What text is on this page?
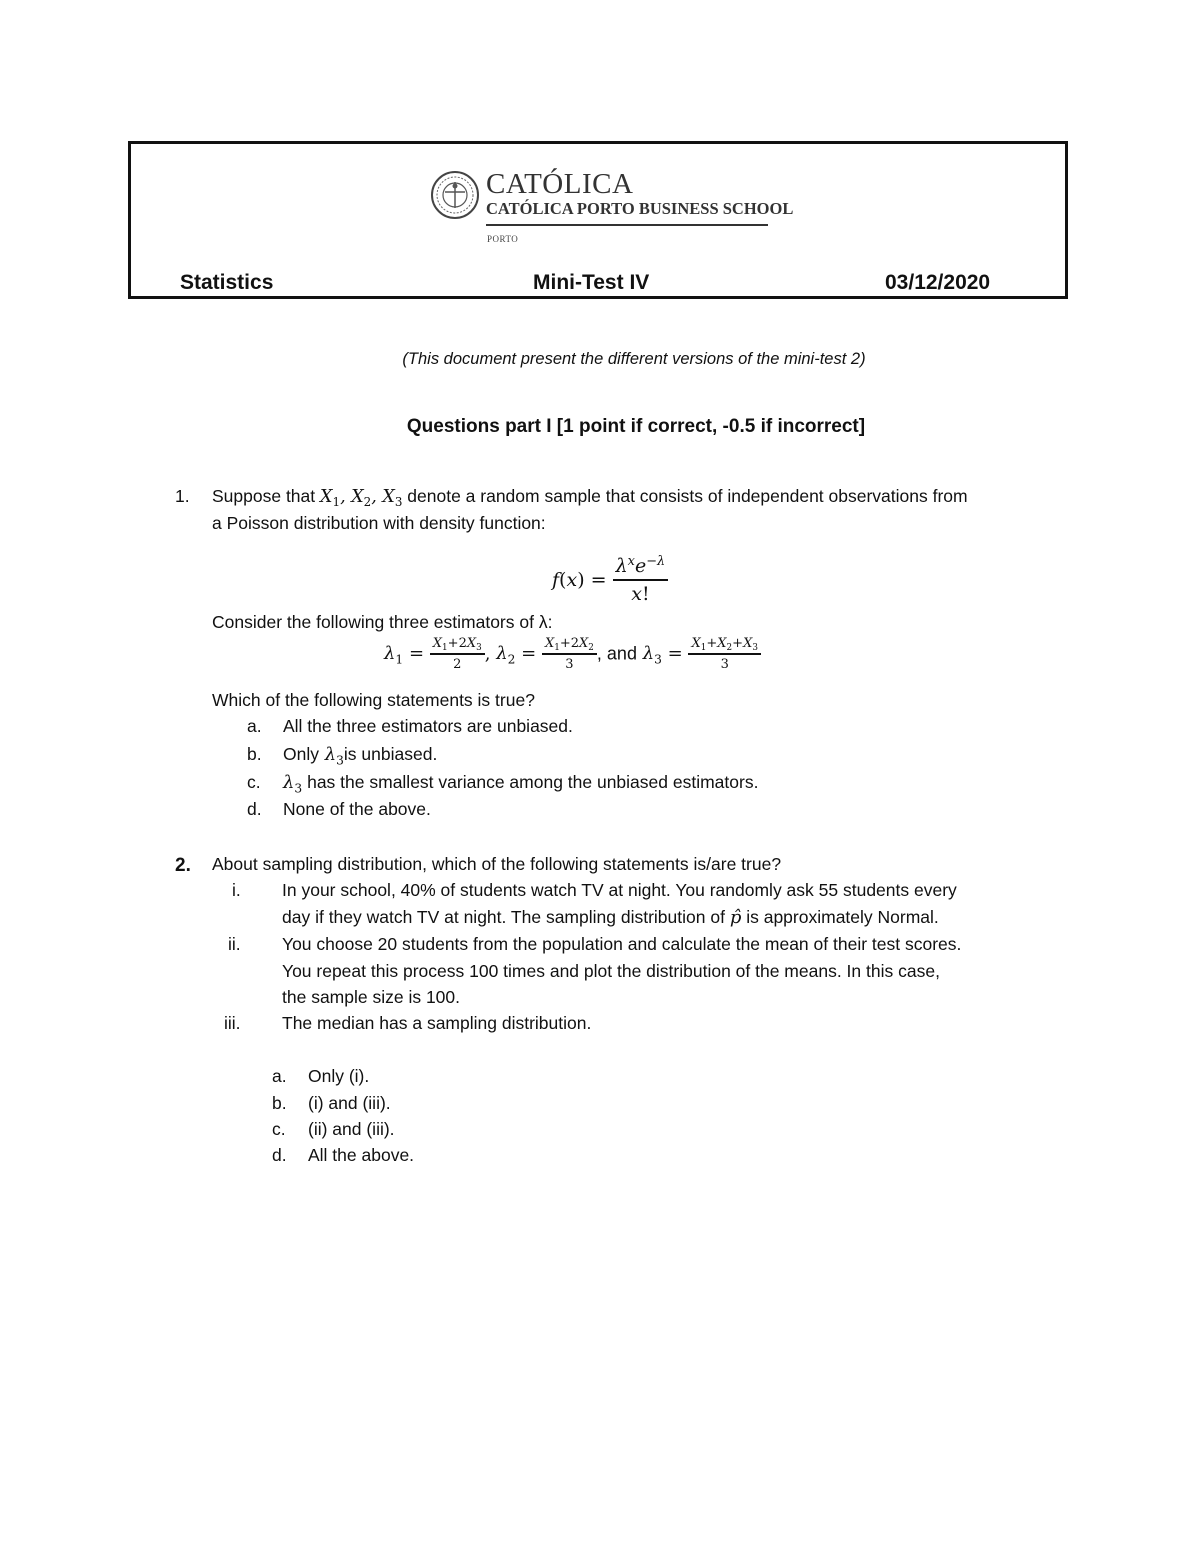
CATÓLICA
CATÓLICA PORTO BUSINESS SCHOOL
PORTO
Statistics	Mini-Test IV	03/12/2020
(This document present the different versions of the mini-test 2)
Questions part I [1 point if correct, -0.5 if incorrect]
1. Suppose that $X_1$, $X_2$, $X_3$ denote a random sample that consists of independent observations from
a Poisson distribution with density function:
$f(x) = \frac{\lambda^xe^{-\lambda}}{x!}$
Consider the following three estimators of λ:
$\lambda_1 = \frac{X_1+2X_3}{2}$ , $\lambda_2 = \frac{X_1+2X_2}{3}$ , and $\lambda_3 = \frac{X_1+X_2+X_3}{3}$
Which of the following statements is true?
a. All the three estimators are unbiased.
b. Only $\lambda_3is$ unbiased.
c. $\lambda_3$ has the smallest variance among the unbiased estimators.
d. None of the above.
2. About sampling distribution, which of the following statements is/are true?
i. In your school, 40% of students watch TV at night. You randomly ask 55 students every
day if they watch TV at night. The sampling distribution of p̂ is approximately Normal.
ii. You choose 20 students from the population and calculate the mean of their test scores.
You repeat this process 100 times and plot the distribution of the means. In this case,
the sample size is 100.
iii. The median has a sampling distribution.
a. Only (i).
b. (i) and (iii).
c. (ii) and (iii).
d. All the above.
